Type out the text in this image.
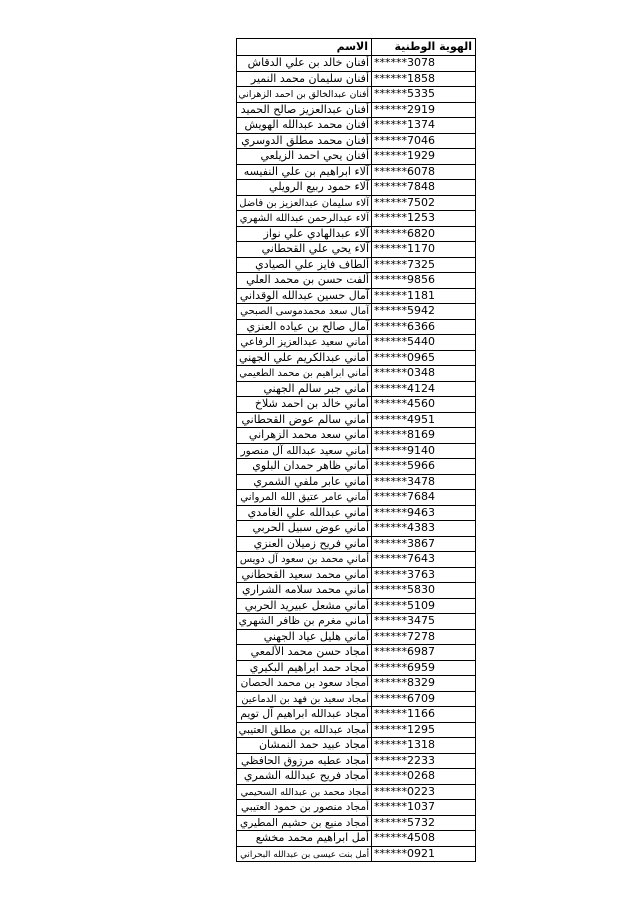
الهوية الوطنية
الاسم
******3078
أفنان خالد بن علي الدقاش
******1858
أفنان سليمان محمد النمير
******5335
أفنان عبدالخالق بن احمد الزهراني
******2919
أفنان عبدالعزيز صالح الحميد
******1374
أفنان محمد عبدالله الهويش
******7046
أفنان محمد مطلق الدوسري
******1929
أفنان يحي احمد الزيلعي
******6078
آلاء ابراهيم بن علي النفيسه
******7848
آلاء حمود ربيع الرويلي
******7502
آلاء سليمان عبدالعزيز بن فاضل
******1253
آلاء عبدالرحمن عبدالله الشهري
******6820
آلاء عبدالهادي علي نواز
******1170
آلاء يحي علي القحطاني
******7325
ألطاف فايز علي الصيادي
******9856
ألفت حسن بن محمد العلي
******1181
آمال حسين عبدالله الوقداني
******5942
آمال سعد محمدموسى الصبحي
******6366
آمال صالح بن عياده العنزي
******5440
أماني سعيد عبدالعزيز الرفاعي
******0965
أماني عبدالكريم علي الجهني
******0348
أماني ابراهيم بن محمد الطعيمي
******4124
أماني جبر سالم الجهني
******4560
أماني خالد بن احمد شلاخ
******4951
أماني سالم عوض القحطاني
******8169
أماني سعد محمد الزهراني
******9140
أماني سعيد عبدالله آل منصور
******5966
أماني ظاهر حمدان البلوي
******3478
أماني عابر ملفي الشمري
******7684
أماني عامر عتيق الله المرواني
******9463
أماني عبدالله علي الغامدي
******4383
أماني عوض سبيل الحربي
******3867
أماني فريح زميلان العنزي
******7643
أماني محمد بن سعود آل دويس
******3763
أماني محمد سعيد القحطاني
******5830
أماني محمد سلامه الشراري
******5109
أماني مشعل عبيريد الحربي
******3475
أماني مغرم بن ظافر الشهري
******7278
أماني هليل عياد الجهني
******6987
أمجاد حسن محمد الألمعي
******6959
أمجاد حمد ابراهيم البكيري
******8329
أمجاد سعود بن محمد الحصان
******6709
أمجاد سعيد بن فهد بن الدماعين
******1166
أمجاد عبدالله ابراهيم آل تويم
******1295
أمجاد عبدالله بن مطلق العتيبي
******1318
أمجاد عبيد حمد النمشان
******2233
أمجاد عطيه مرزوق الحافظي
******0268
أمجاد فريح عبدالله الشمري
******0223
أمجاد محمد بن عبدالله السحيمي
******1037
أمجاد منصور بن حمود العتيبي
******5732
أمجاد منيع بن حشيم المطيري
******4508
أمل ابراهيم محمد مخشع
******0921
أمل بنت عيسى بن عبدالله البحراني
